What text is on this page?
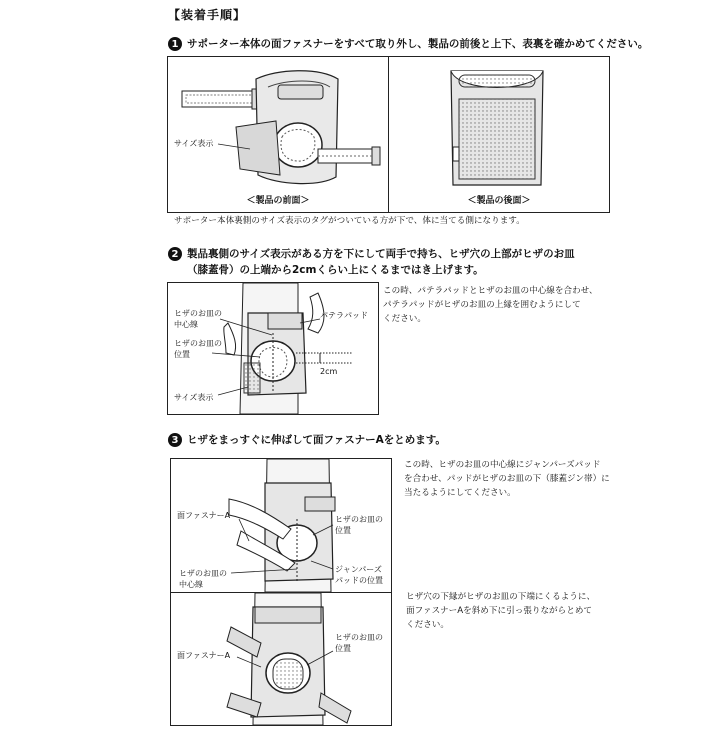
【装着手順】
1 サポーター本体の面ファスナーをすべて取り外し、製品の前後と上下、表裏を確かめてください。
サイズ表示
＜製品の前面＞	＜製品の後面＞
サポーター本体裏側のサイズ表示のタグがついている方が下で、体に当てる側になります。
2 製品裏側のサイズ表示がある方を下にして両手で持ち、ヒザ穴の上部がヒザのお皿
（膝蓋骨）の上端から2cmくらい上にくるまではき上げます。
ヒザのお皿の
中心線
ヒザのお皿の
位置
サイズ表示
パテラパッド
2cm
この時、パテラパッドとヒザのお皿の中心線を合わせ、
パテラパッドがヒザのお皿の上縁を囲むようにして
ください。
3 ヒザをまっすぐに伸ばして面ファスナーAをとめます。
面ファスナーA	ヒザのお皿の
位置
ヒザのお皿の
中心線
ジャンパーズ
パッドの位置
面ファスナーA
ヒザのお皿の
位置
この時、ヒザのお皿の中心線にジャンパーズパッド
を合わせ、パッドがヒザのお皿の下（膝蓋ジン帯）に
当たるようにしてください。
ヒザ穴の下縁がヒザのお皿の下端にくるように、
面ファスナーAを斜め下に引っ張りながらとめて
ください。
